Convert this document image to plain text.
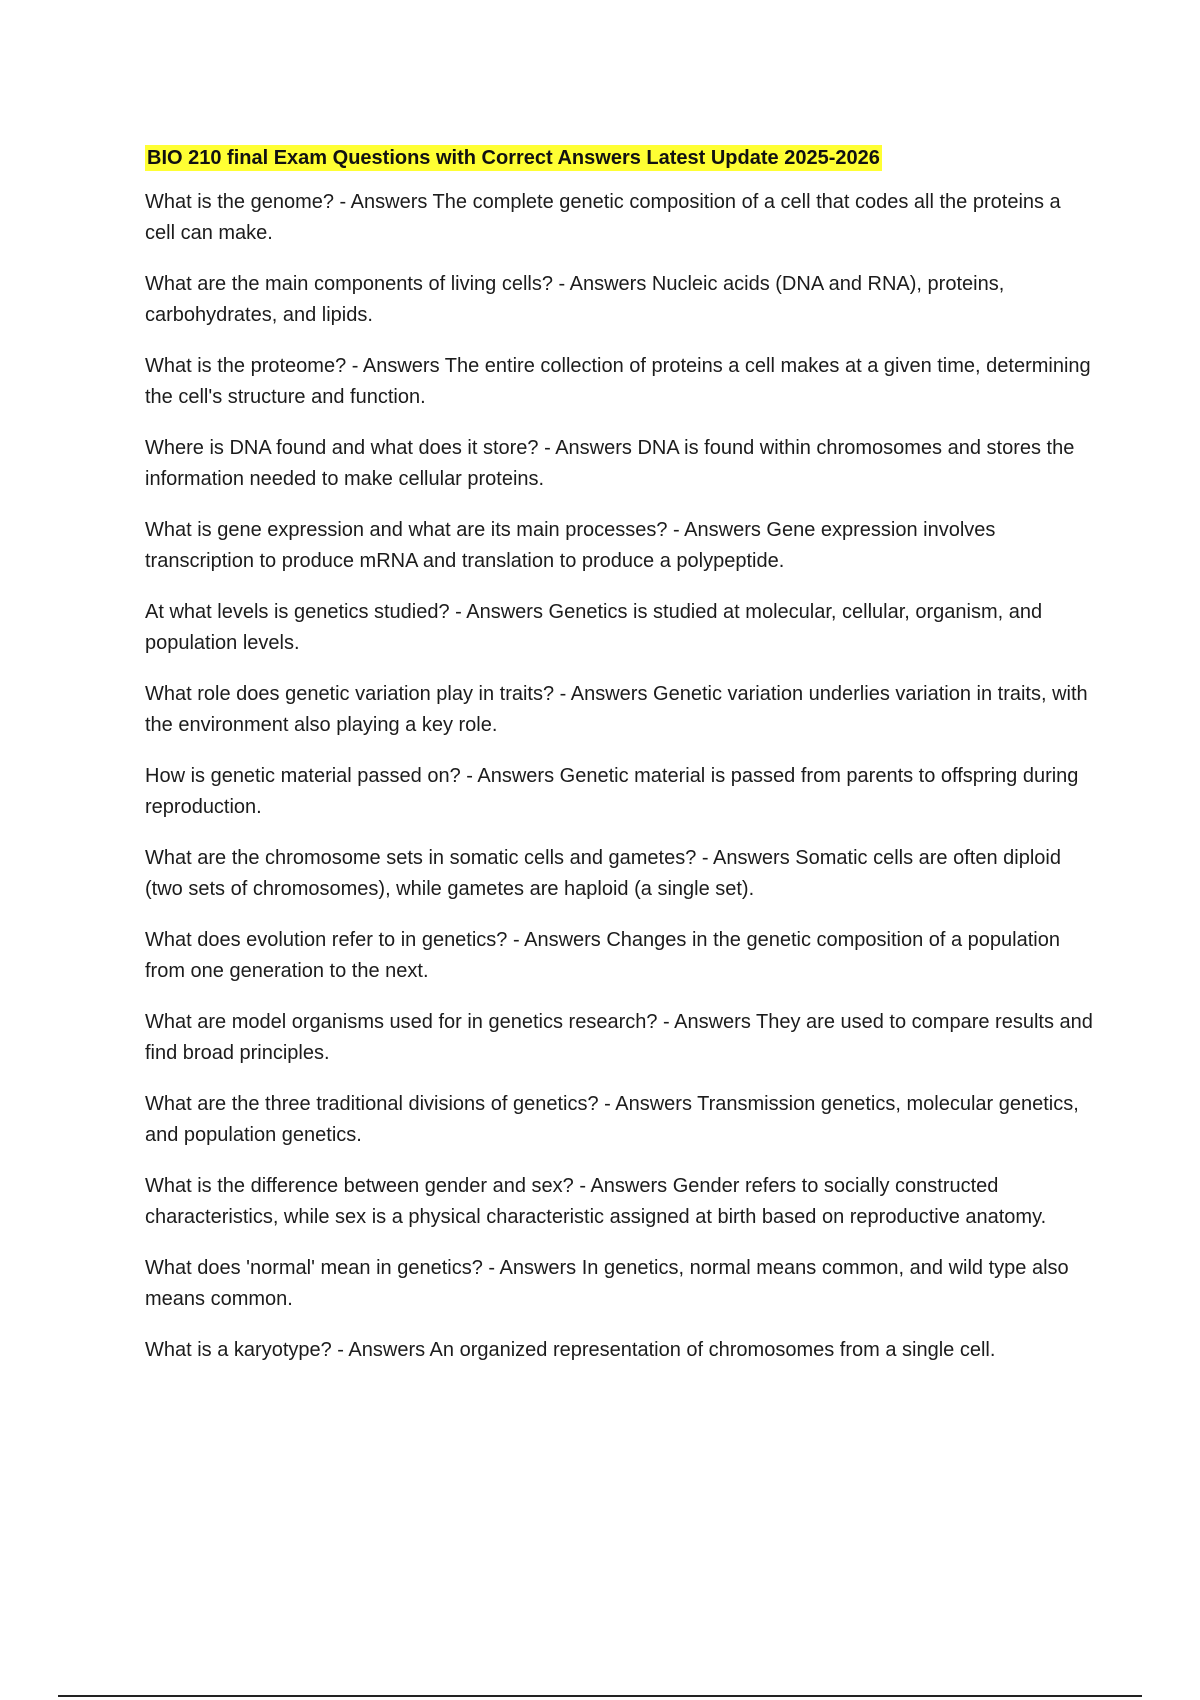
BIO 210 final Exam Questions with Correct Answers Latest Update 2025-2026
What is the genome? - Answers The complete genetic composition of a cell that codes all the proteins a cell can make.
What are the main components of living cells? - Answers Nucleic acids (DNA and RNA), proteins, carbohydrates, and lipids.
What is the proteome? - Answers The entire collection of proteins a cell makes at a given time, determining the cell's structure and function.
Where is DNA found and what does it store? - Answers DNA is found within chromosomes and stores the information needed to make cellular proteins.
What is gene expression and what are its main processes? - Answers Gene expression involves transcription to produce mRNA and translation to produce a polypeptide.
At what levels is genetics studied? - Answers Genetics is studied at molecular, cellular, organism, and population levels.
What role does genetic variation play in traits? - Answers Genetic variation underlies variation in traits, with the environment also playing a key role.
How is genetic material passed on? - Answers Genetic material is passed from parents to offspring during reproduction.
What are the chromosome sets in somatic cells and gametes? - Answers Somatic cells are often diploid (two sets of chromosomes), while gametes are haploid (a single set).
What does evolution refer to in genetics? - Answers Changes in the genetic composition of a population from one generation to the next.
What are model organisms used for in genetics research? - Answers They are used to compare results and find broad principles.
What are the three traditional divisions of genetics? - Answers Transmission genetics, molecular genetics, and population genetics.
What is the difference between gender and sex? - Answers Gender refers to socially constructed characteristics, while sex is a physical characteristic assigned at birth based on reproductive anatomy.
What does 'normal' mean in genetics? - Answers In genetics, normal means common, and wild type also means common.
What is a karyotype? - Answers An organized representation of chromosomes from a single cell.
